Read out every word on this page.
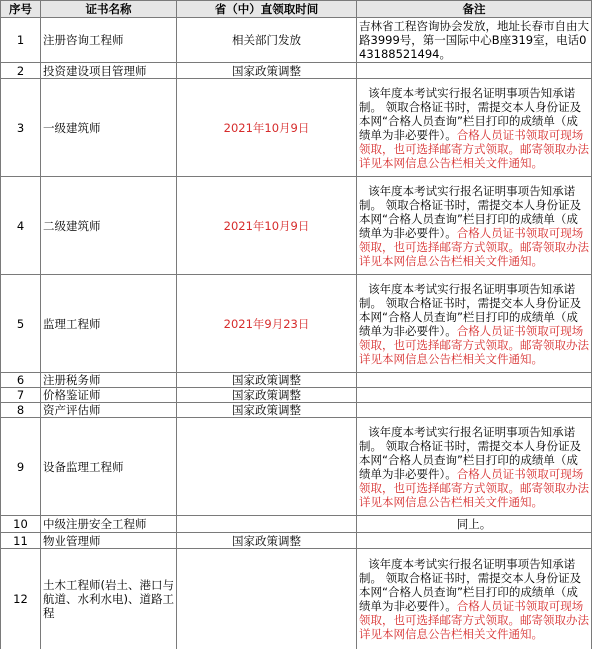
序号	证书名称	省（中）直领取时间	备注
1	注册咨询工程师	相关部门发放	吉林省工程咨询协会发放，地址长春市自由大路3999号，第一国际中心B座319室，电话043188521494。
2	投资建设项目管理师	国家政策调整	
3	一级建筑师	2021年10月9日	该年度本考试实行报名证明事项告知承诺制。 领取合格证书时，需提交本人身份证及本网“合格人员查询”栏目打印的成绩单（成绩单为非必要件）。合格人员证书领取可现场领取，也可选择邮寄方式领取。邮寄领取办法详见本网信息公告栏相关文件通知。
4	二级建筑师	2021年10月9日	该年度本考试实行报名证明事项告知承诺制。 领取合格证书时，需提交本人身份证及本网“合格人员查询”栏目打印的成绩单（成绩单为非必要件）。合格人员证书领取可现场领取，也可选择邮寄方式领取。邮寄领取办法详见本网信息公告栏相关文件通知。
5	监理工程师	2021年9月23日	该年度本考试实行报名证明事项告知承诺制。 领取合格证书时，需提交本人身份证及本网“合格人员查询”栏目打印的成绩单（成绩单为非必要件）。合格人员证书领取可现场领取，也可选择邮寄方式领取。邮寄领取办法详见本网信息公告栏相关文件通知。
6	注册税务师	国家政策调整	
7	价格鉴证师	国家政策调整	
8	资产评估师	国家政策调整	
9	设备监理工程师		该年度本考试实行报名证明事项告知承诺制。 领取合格证书时，需提交本人身份证及本网“合格人员查询”栏目打印的成绩单（成绩单为非必要件）。合格人员证书领取可现场领取，也可选择邮寄方式领取。邮寄领取办法详见本网信息公告栏相关文件通知。
10	中级注册安全工程师		同上。
11	物业管理师	国家政策调整	
12	土木工程师(岩土、港口与航道、水利水电)、道路工程		该年度本考试实行报名证明事项告知承诺制。 领取合格证书时，需提交本人身份证及本网“合格人员查询”栏目打印的成绩单（成绩单为非必要件）。合格人员证书领取可现场领取，也可选择邮寄方式领取。邮寄领取办法详见本网信息公告栏相关文件通知。
